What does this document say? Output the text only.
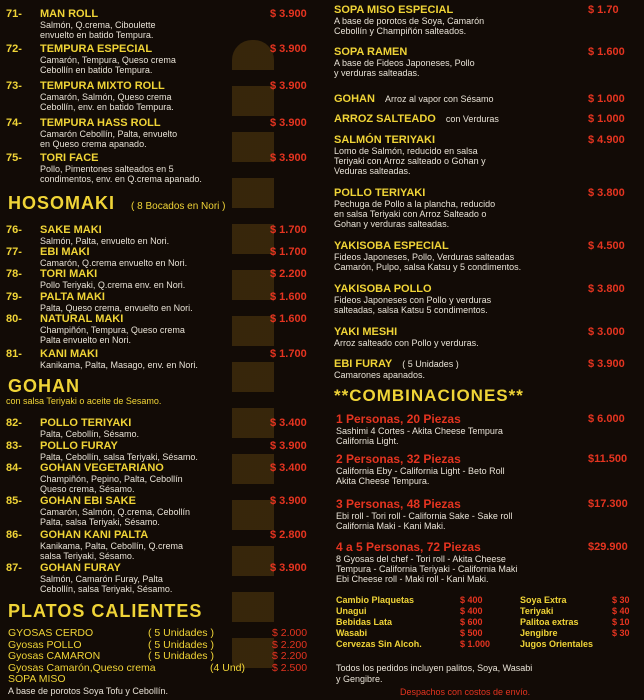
71- MAN ROLL	$ 3.900
Salmón, Q.crema, Ciboulette
envuelto en batido Tempura.
72- TEMPURA ESPECIAL	$ 3.900
Camarón, Tempura, Queso crema
Cebollín en batido Tempura.
73- TEMPURA MIXTO ROLL	$ 3.900
Camarón, Salmón, Queso crema
Cebollín, env. en batido Tempura.
74- TEMPURA HASS ROLL	$ 3.900
Camarón Cebollín, Palta, envuelto
en Queso crema apanado.
75- TORI FACE	$ 3.900
Pollo, Pimentones salteados en 5
condimentos, env. en Q.crema apanado.
HOSOMAKI ( 8 Bocados en Nori )
76- SAKE MAKI	$ 1.700
Salmón, Palta, envuelto en Nori.
77- EBI MAKI	$ 1.700
Camarón, Q.crema envuelto en Nori.
78- TORI MAKI	$ 2.200
Pollo Teriyaki, Q.crema env. en Nori.
79- PALTA MAKI	$ 1.600
Palta, Queso crema, envuelto en Nori.
80- NATURAL MAKI	$ 1.600
Champiñón, Tempura, Queso crema
Palta envuelto en Nori.
81- KANI MAKI	$ 1.700
Kanikama, Palta, Masago, env. en Nori.
GOHAN
con salsa Teriyaki o aceite de Sesamo.
82- POLLO TERIYAKI	$ 3.400
Palta, Cebollín, Sésamo.
83- POLLO FURAY	$ 3.900
Palta, Cebollín, salsa Teriyaki, Sésamo.
84- GOHAN VEGETARIANO	$ 3.400
Champiñón, Pepino, Palta, Cebollín
Queso crema, Sésamo.
85- GOHAN EBI SAKE	$ 3.900
Camarón, Salmón, Q.crema, Cebollín
Palta, salsa Teriyaki, Sésamo.
86- GOHAN KANI PALTA	$ 2.800
Kanikama, Palta, Cebollín, Q.crema
salsa Teriyaki, Sésamo.
87- GOHAN FURAY	$ 3.900
Salmón, Camarón Furay, Palta
Cebollín, salsa Teriyaki, Sésamo.
PLATOS CALIENTES
GYOSAS CERDO	( 5 Unidades )	$ 2.000
Gyosas POLLO	( 5 Unidades )	$ 2.200
Gyosas CAMARON	( 5 Unidades )	$ 2.200
Gyosas Camarón,Queso crema	(4 Und)	$ 2.500
SOPA MISO
A base de porotos Soya Tofu y Cebollín.
SOPA MISO ESPECIAL	$ 1.70
A base de porotos de Soya, Camarón
Cebollín y Champiñón salteados.
SOPA RAMEN	$ 1.600
A base de Fideos Japoneses, Pollo
y verduras salteadas.
GOHAN Arroz al vapor con Sésamo	$ 1.000
ARROZ SALTEADO con Verduras	$ 1.000
SALMÓN TERIYAKI	$ 4.900
Lomo de Salmón, reducido en salsa
Teriyaki con Arroz salteado o Gohan y
Veduras salteadas.
POLLO TERIYAKI	$ 3.800
Pechuga de Pollo a la plancha, reducido
en salsa Teriyaki con Arroz Salteado o
Gohan y verduras salteadas.
YAKISOBA ESPECIAL	$ 4.500
Fideos Japoneses, Pollo, Verduras salteadas
Camarón, Pulpo, salsa Katsu y 5 condimentos.
YAKISOBA POLLO	$ 3.800
Fideos Japoneses con Pollo y verduras
salteadas, salsa Katsu 5 condimentos.
YAKI MESHI	$ 3.000
Arroz salteado con Pollo y verduras.
EBI FURAY ( 5 Unidades )	$ 3.900
Camarones apanados.
**COMBINACIONES**
1 Personas, 20 Piezas	$ 6.000
Sashimi 4 Cortes - Akita Cheese Tempura
California Light.
2 Personas, 32 Piezas	$11.500
California Eby - California Light - Beto Roll
Akita Cheese Tempura.
3 Personas, 48 Piezas	$17.300
Ebi roll - Tori roll - California Sake - Sake roll
California Maki - Kani Maki.
4 a 5 Personas, 72 Piezas	$29.900
8 Gyosas del chef - Tori roll - Akita Cheese
Tempura - California Teriyaki - California Maki
Ebi Cheese roll - Maki roll - Kani Maki.
Cambio Plaquetas	$ 400
Unagui	$ 400
Bebidas Lata	$ 600
Wasabi	$ 500
Cervezas Sin Alcoh.	$ 1.000
Soya Extra	$ 30
Teriyaki	$ 40
Palitoa extras	$ 10
Jengibre	$ 30
Jugos Orientales
Todos los pedidos incluyen palitos, Soya, Wasabi
y Gengibre.
Despachos con costos de envío.
